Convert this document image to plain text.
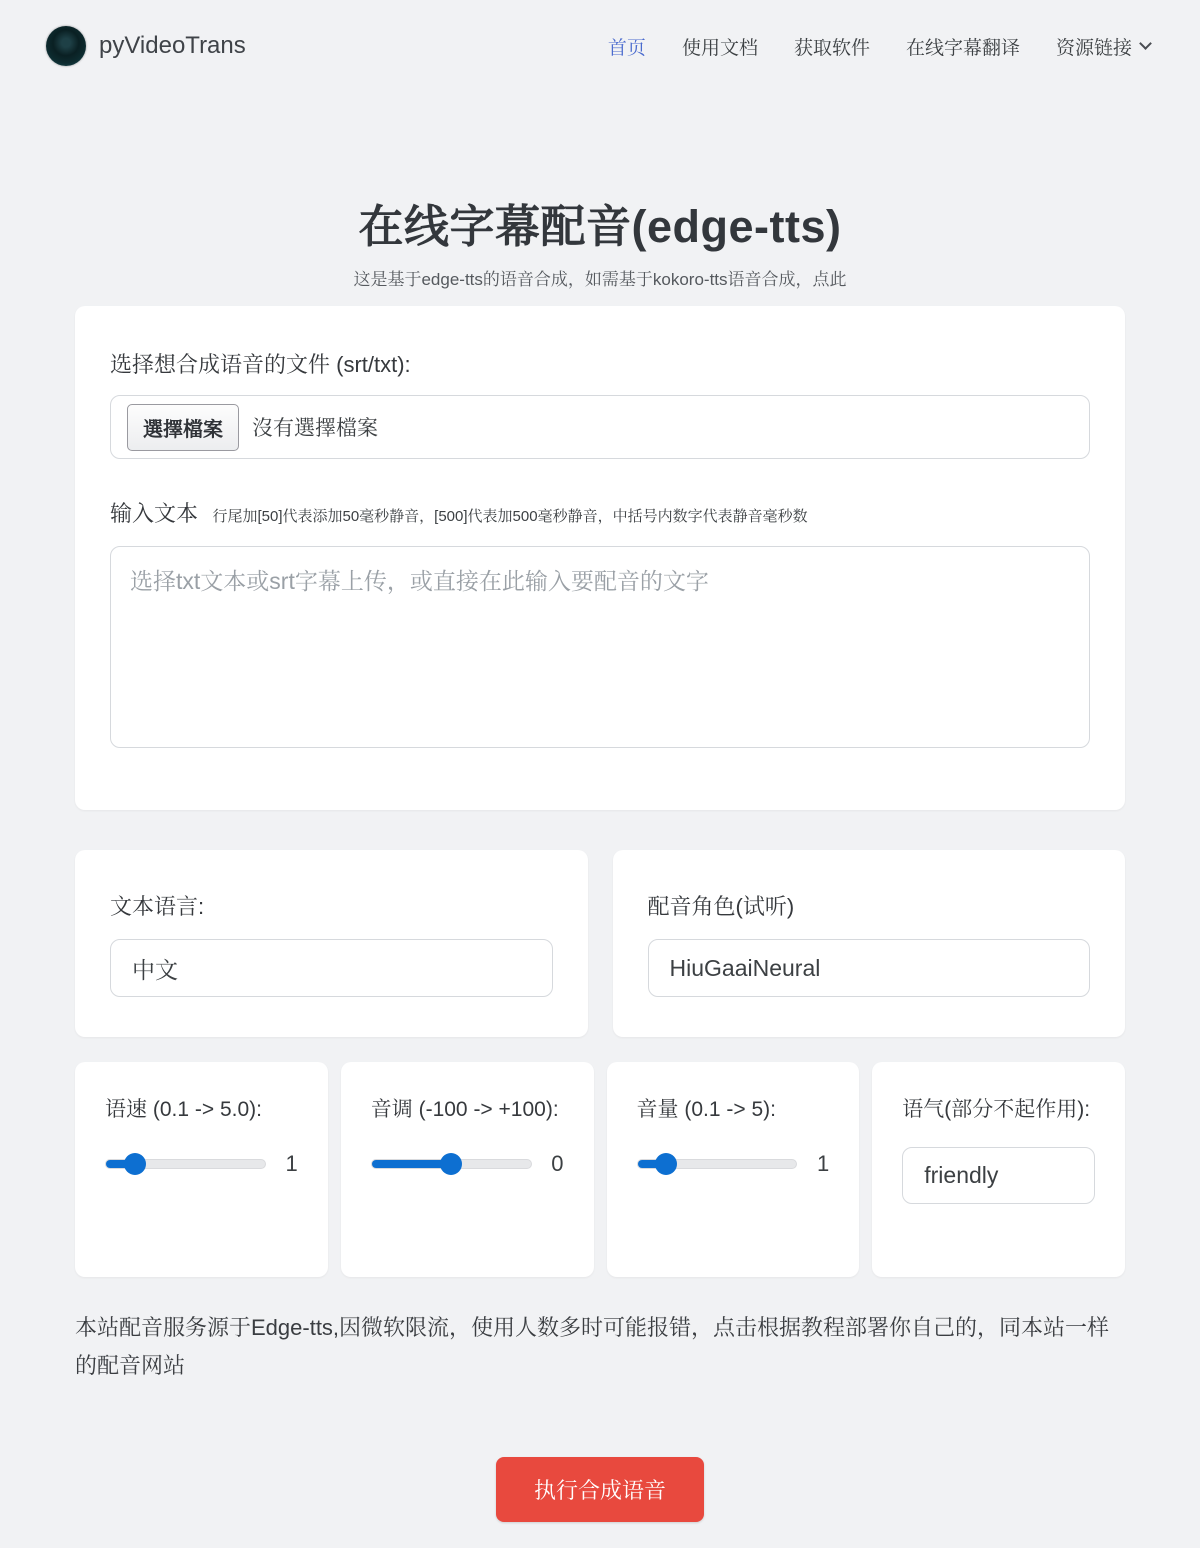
pyVideoTrans	首页 使用文档 获取软件 在线字幕翻译 资源链接
在线字幕配音(edge-tts)
这是基于edge-tts的语音合成，如需基于kokoro-tts语音合成，点此
选择想合成语音的文件 (srt/txt):
選擇檔案	沒有選擇檔案
输入文本 行尾加[50]代表添加50毫秒静音，[500]代表加500毫秒静音，中括号内数字代表静音毫秒数
选择txt文本或srt字幕上传，或直接在此输入要配音的文字
文本语言:
中文
配音角色(试听)
HiuGaaiNeural
语速 (0.1 -> 5.0):
1
音调 (-100 -> +100):
0
音量 (0.1 -> 5):
1
语气(部分不起作用):
friendly

本站配音服务源于Edge-tts,因微软限流，使用人数多时可能报错，点击根据教程部署你自己的，同本站一样的配音网站

执行合成语音
